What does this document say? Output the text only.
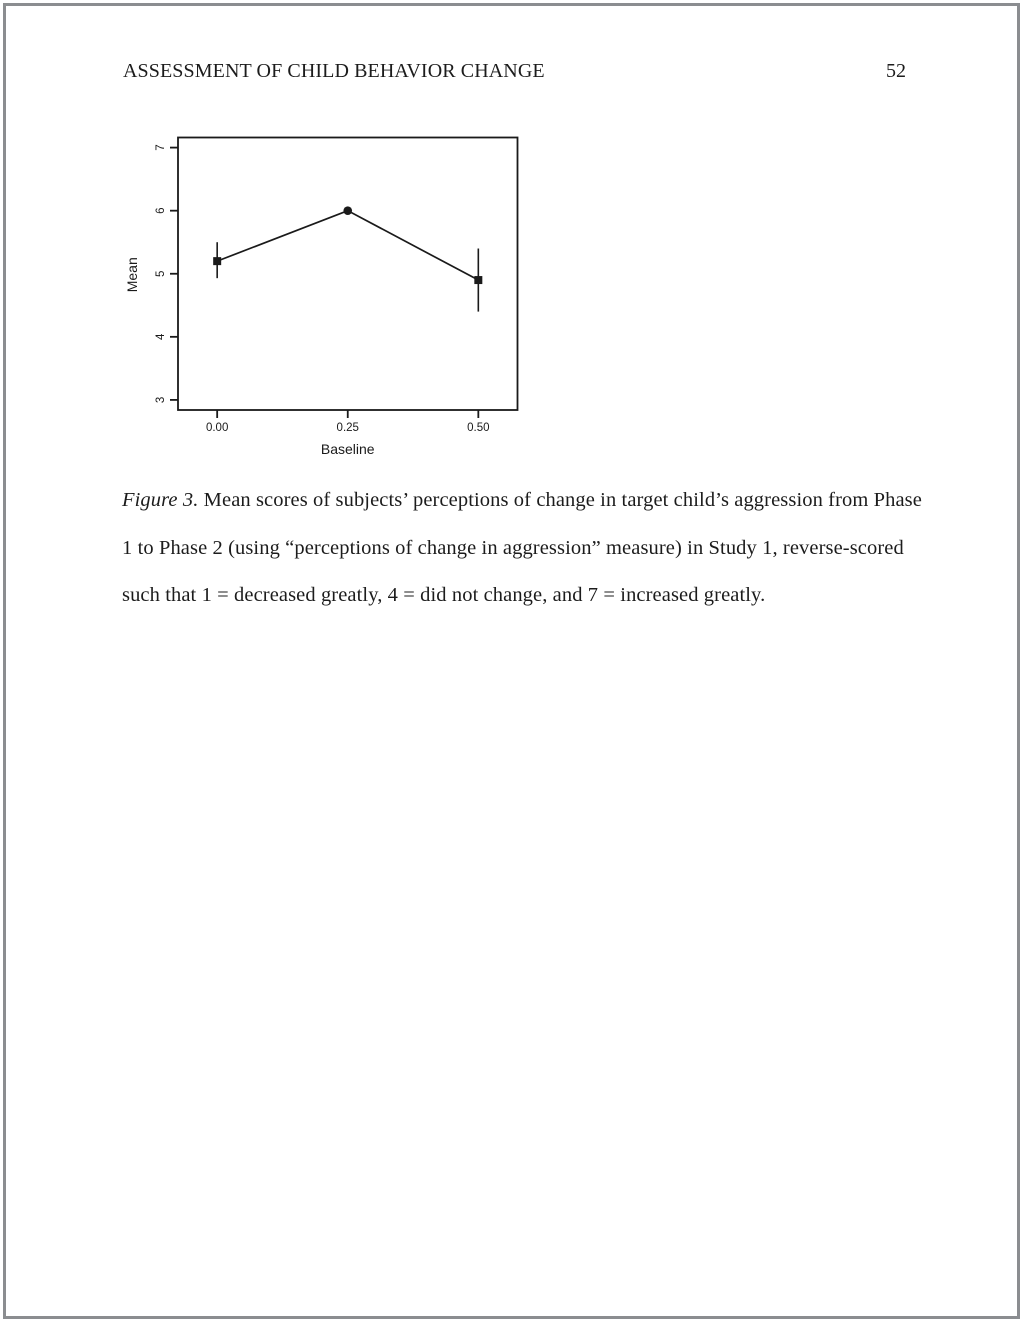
ASSESSMENT OF CHILD BEHAVIOR CHANGE	52
3
4
5
6
7
0.00	0.25	0.50
Mean
Baseline
Figure 3. Mean scores of subjects’ perceptions of change in target child’s aggression from Phase
1 to Phase 2 (using “perceptions of change in aggression” measure) in Study 1, reverse-scored
such that 1 = decreased greatly, 4 = did not change, and 7 = increased greatly.
